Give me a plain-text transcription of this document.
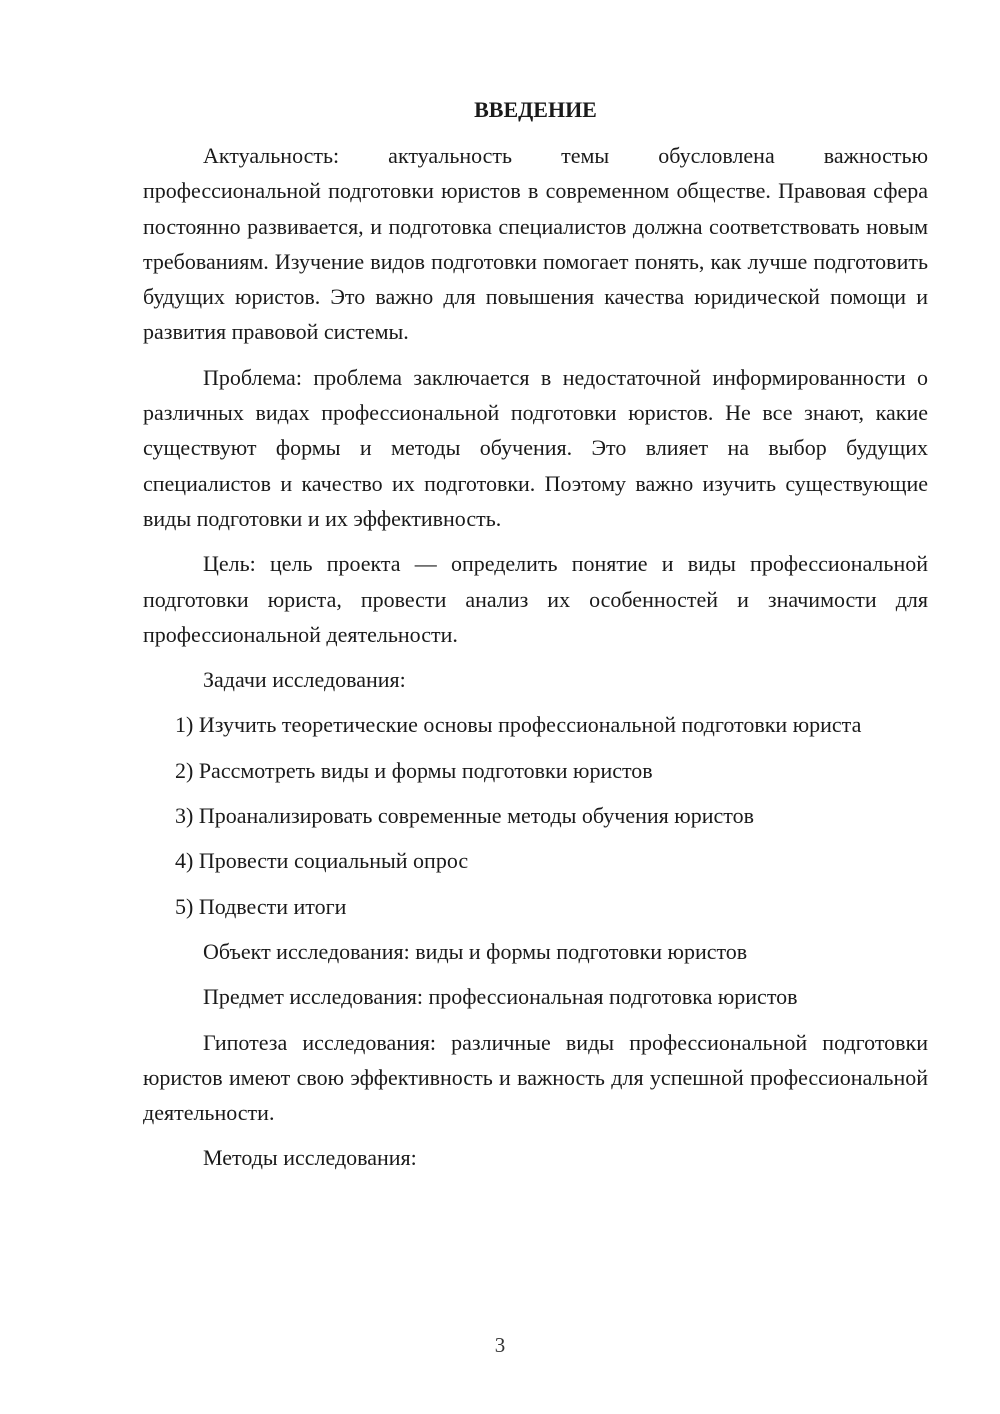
ВВЕДЕНИЕ

Актуальность: актуальность темы обусловлена важностью профессиональной подготовки юристов в современном обществе. Правовая сфера постоянно развивается, и подготовка специалистов должна соответствовать новым требованиям. Изучение видов подготовки помогает понять, как лучше подготовить будущих юристов. Это важно для повышения качества юридической помощи и развития правовой системы.

Проблема: проблема заключается в недостаточной информированности о различных видах профессиональной подготовки юристов. Не все знают, какие существуют формы и методы обучения. Это влияет на выбор будущих специалистов и качество их подготовки. Поэтому важно изучить существующие виды подготовки и их эффективность.

Цель: цель проекта — определить понятие и виды профессиональной подготовки юриста, провести анализ их особенностей и значимости для профессиональной деятельности.

Задачи исследования:

1) Изучить теоретические основы профессиональной подготовки юриста

2) Рассмотреть виды и формы подготовки юристов

3) Проанализировать современные методы обучения юристов

4) Провести социальный опрос

5) Подвести итоги

Объект исследования: виды и формы подготовки юристов

Предмет исследования: профессиональная подготовка юристов

Гипотеза исследования: различные виды профессиональной подготовки юристов имеют свою эффективность и важность для успешной профессиональной деятельности.

Методы исследования:

3
